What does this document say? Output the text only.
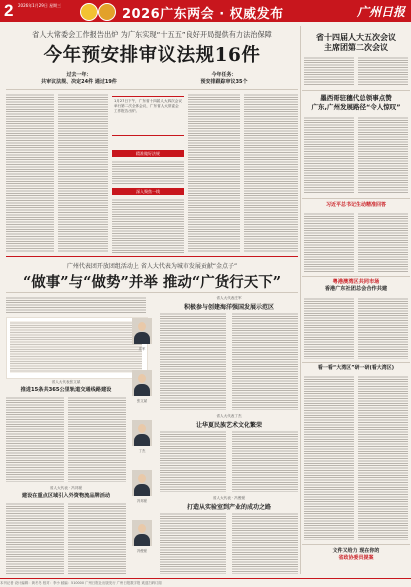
2 2026年1月29日 星期三
2026广东两会 · 权威发布	广州日报
省人大常委会工作报告出炉 为广东实现“十五五”良好开局提供有力法治保障
今年预安排审议法规16件
过去一年：
共审议法规、决定24件 通过19件
今年任务：
预安排跟踪审议35个
1月27日下午，广东省十四届人大四次会议举行第二次全体会议，广东省人大常委会工作报告出炉。
精准做好法规
深入聚焦一线
省十四届人大五次会议
主席团第二次会议
墨西哥驻穗代总领事点赞
广东,广州发展路径“令人惊叹”
习近平总书记生动精准回答
粤港澳湾区共同市场
香港广东社团总会合作共建
看一看“大湾区”研一研(看大湾区)
文件又给力 现在你的
省政协委员提案
广州代表团开放团组活动上 省人大代表为城市发展贡献“金点子”
“做事”与“做势”并举 推动“广货行天下”
省人大代表庄军
积极参与创建海洋强国发展示范区
省人大代表丁杰
让华夏民族艺术文化繁荣
省人大代表 · 冯俊豪
打造从实验室到产业的成功之路
省人大代表张文斌
推进15条共365公里轨道交通线路建设
省人大代表 · 冯邦豪
建设在重点区域引入外资物流品牌活动
庄军
张文斌
丁杰
冯邦豪
冯俊豪
本刊记者 设计编辑：黄冬冬 校对：李小 邮编：510000 广州日报社出版发行 广州日报数字报 欢迎扫码订阅
